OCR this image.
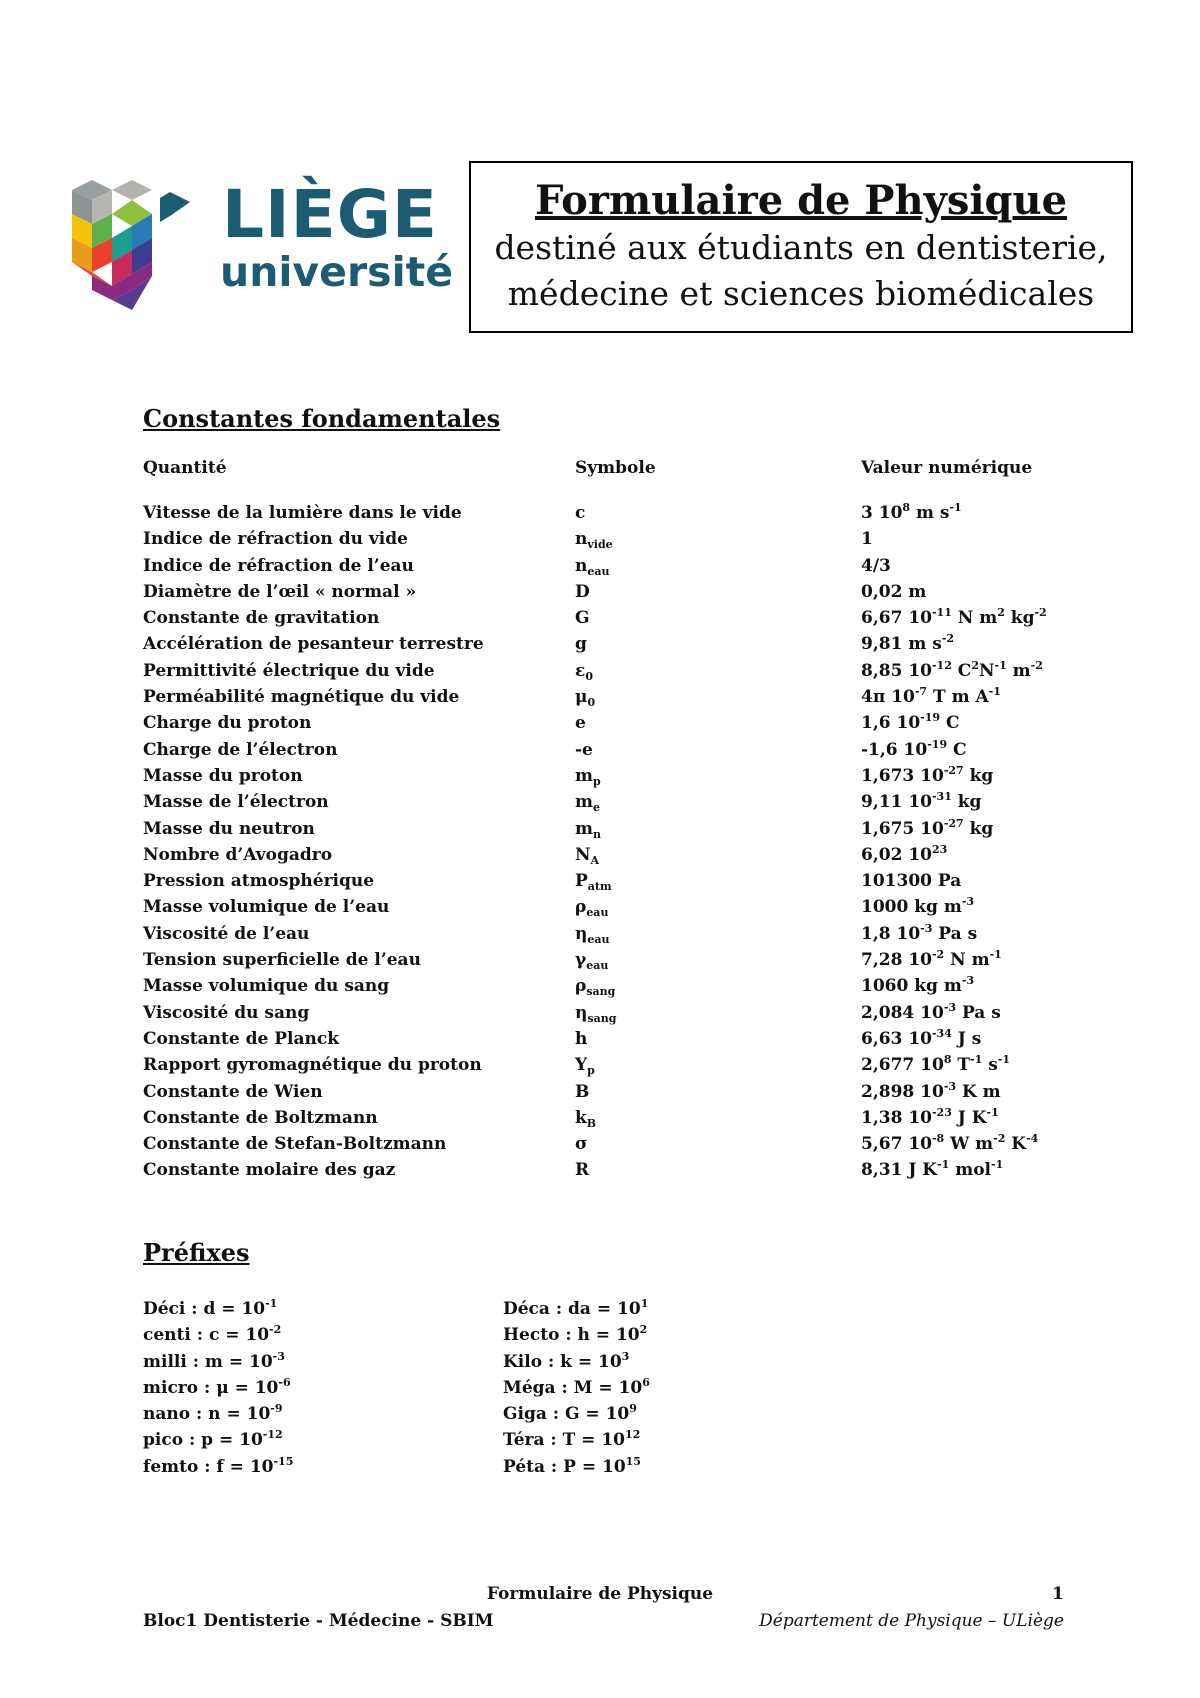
LIÈGE
université
Formulaire de Physique
destiné aux étudiants en dentisterie,
médecine et sciences biomédicales
Constantes fondamentales
Quantité	Symbole	Valeur numérique
Vitesse de la lumière dans le vide	c	3 $10^8$ m $s^{-1}$
Indice de réfraction du vide	$n_{vide}$	1
Indice de réfraction de l’eau	$n_{eau}$	4/3
Diamètre de l’œil « normal »	D	0,02 m
Constante de gravitation	G	6,67 $10^{-11}$ N $m^2$ $kg^{-2}$
Accélération de pesanteur terrestre	g	9,81 m $s^{-2}$
Permittivité électrique du vide	$\varepsilon_0$	8,85 $10^{-12}$ $C^2N^{-1}$ $m^{-2}$
Perméabilité magnétique du vide	$\mu_0$	4π $10^{-7}$ T m $A^{-1}$
Charge du proton	e	1,6 $10^{-19}$ C
Charge de l’électron	-e	-1,6 $10^{-19}$ C
Masse du proton	$m_p$	1,673 $10^{-27}$ kg
Masse de l’électron	$m_e$	9,11 $10^{-31}$ kg
Masse du neutron	$m_n$	1,675 $10^{-27}$ kg
Nombre d’Avogadro	$N_A$	6,02 $10^{23}$
Pression atmosphérique	$P_{atm}$	101300 Pa
Masse volumique de l’eau	$\rho_{eau}$	1000 kg $m^{-3}$
Viscosité de l’eau	$\eta_{eau}$	1,8 $10^{-3}$ Pa s
Tension superficielle de l’eau	$\gamma_{eau}$	7,28 $10^{-2}$ N $m^{-1}$
Masse volumique du sang	$\rho_{sang}$	1060 kg $m^{-3}$
Viscosité du sang	$\eta_{sang}$	2,084 $10^{-3}$ Pa s
Constante de Planck	h	6,63 $10^{-34}$ J s
Rapport gyromagnétique du proton	$\Upsilon_p$	2,677 $10^8$ $T^{-1}$ $s^{-1}$
Constante de Wien	B	2,898 $10^{-3}$ K m
Constante de Boltzmann	$k_B$	1,38 $10^{-23}$ J $K^{-1}$
Constante de Stefan-Boltzmann	σ	5,67 $10^{-8}$ W $m^{-2}$ $K^{-4}$
Constante molaire des gaz	R	8,31 J $K^{-1}$ mol$^{-1}$
Préfixes
Déci : $d = 10^{-1}$	Déca : da = $10^1$
centi : $c = 10^{-2}$	Hecto : $h = 10^2$
milli : $m = 10^{-3}$	Kilo : $k = 10^3$
micro : $\mu = 10^{-6}$	Méga : $M = 10^6$
nano : $n = 10^{-9}$	Giga : $G = 10^9$
pico : $p = 10^{-12}$	Téra : $T = 10^{12}$
femto : $f = 10^{-15}$	Péta : $P = 10^{15}$
Formulaire de Physique	1
Bloc1 Dentisterie - Médecine - SBIM	Département de Physique – ULiège
